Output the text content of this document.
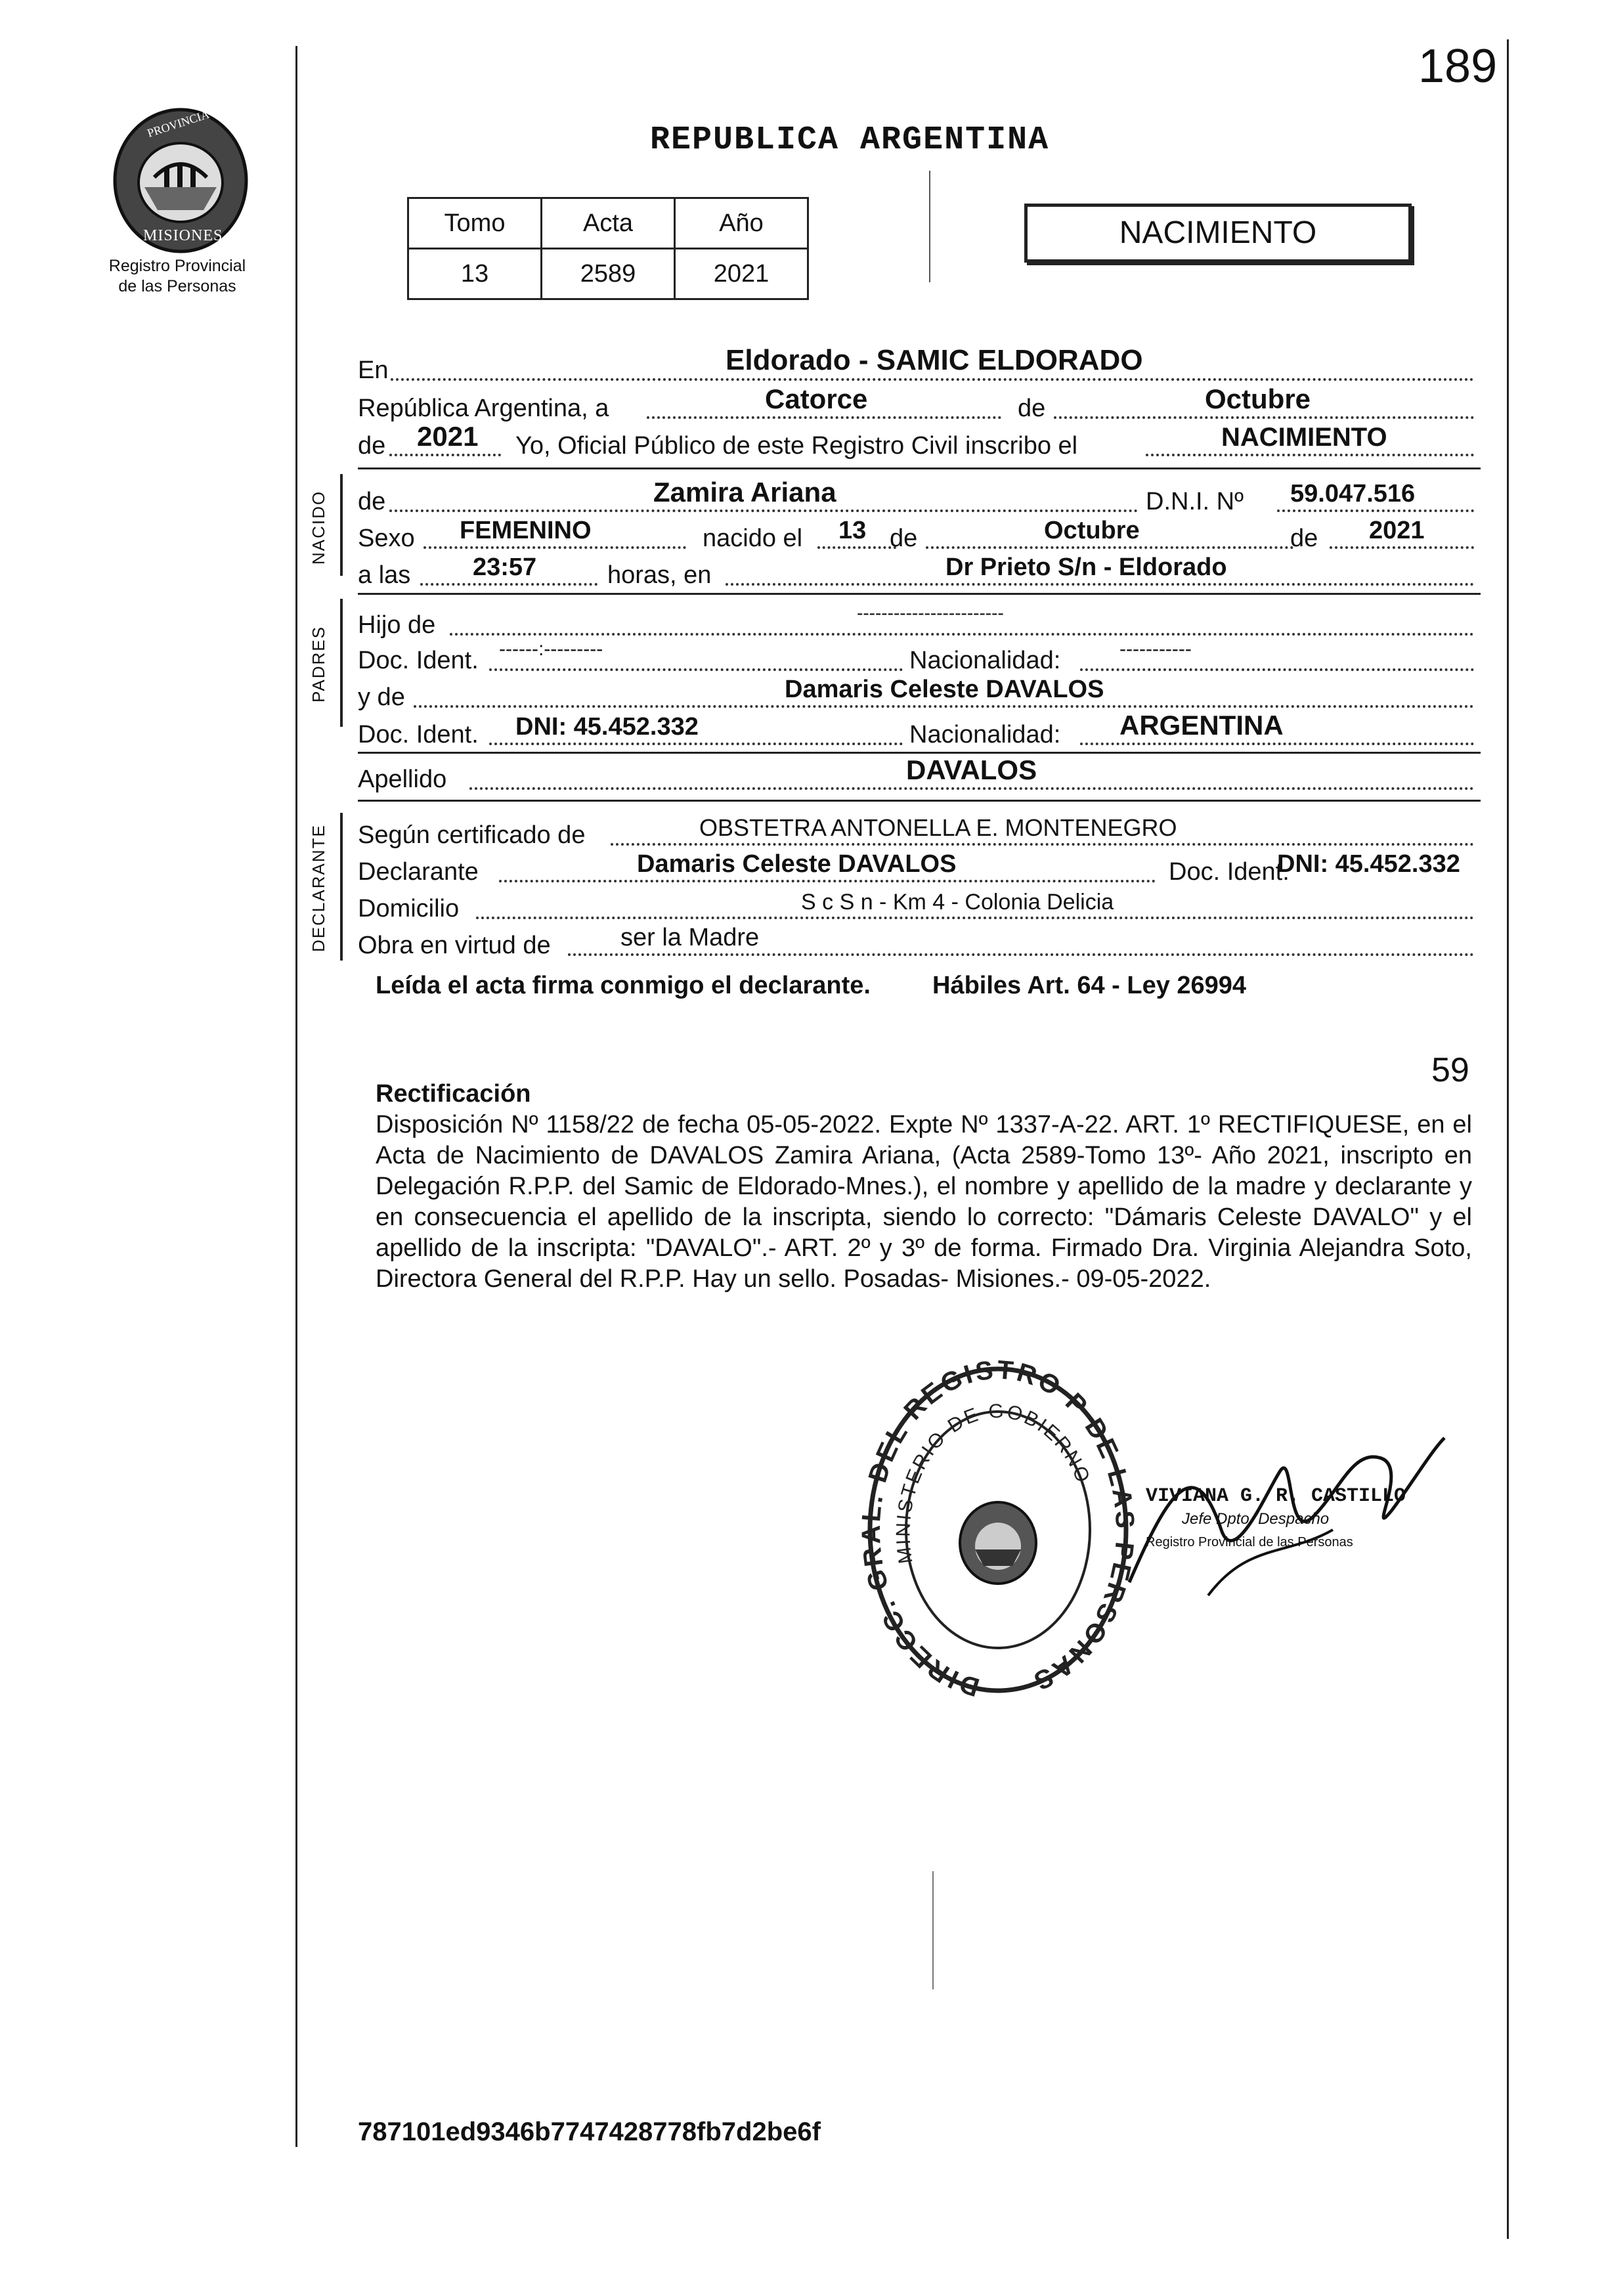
189
PROVINCIA DE
MISIONES
Registro Provincial
de las Personas
REPUBLICA ARGENTINA
Tomo	Acta	Año
13	2589	2021
NACIMIENTO
En	Eldorado - SAMIC ELDORADO
República Argentina, a	Catorce	de	Octubre
de 2021 Yo, Oficial Público de este Registro Civil inscribo el	NACIMIENTO
NACIDO de	Zamira Ariana	D.N.I. Nº 59.047.516
Sexo FEMENINO	nacido el 13 de	Octubre	de 2021
a las 23:57	horas, en	Dr Prieto S/n - Eldorado
PADRES
Hijo de	------------------------
Doc. Ident. ------:---------	Nacionalidad:	-----------
y de	Damaris Celeste DAVALOS
Doc. Ident. DNI: 45.452.332	Nacionalidad: ARGENTINA
Apellido	DAVALOS
DECLARANTE Según certificado de	OBSTETRA ANTONELLA E. MONTENEGRO
Declarante	Damaris Celeste DAVALOS	Doc. Ident.
DNI: 45.452.332
Domicilio	S c S n - Km 4 - Colonia Delicia
Obra en virtud de	ser la Madre
Leída el acta firma conmigo el declarante. Hábiles Art. 64 - Ley 26994
59
Rectificación
Disposición Nº 1158/22 de fecha 05-05-2022. Expte Nº 1337-A-22. ART. 1º RECTIFIQUESE, en el Acta de Nacimiento de DAVALOS Zamira Ariana, (Acta 2589-Tomo 13º- Año 2021, inscripto en Delegación R.P.P. del Samic de Eldorado-Mnes.), el nombre y apellido de la madre y declarante y en consecuencia el apellido de la inscripta, siendo lo correcto: "Dámaris Celeste DAVALO" y el apellido de la inscripta: "DAVALO".- ART. 2º y 3º de forma. Firmado Dra. Virginia Alejandra Soto, Directora General del R.P.P. Hay un sello. Posadas- Misiones.- 09-05-2022.
DIRECC. GR . DEL REGISTRO P DE LA PERSONAS
MINISTERIO DE GOBIERNO
VIVIANA G. R. CASTILLO
Jefe Dpto. Despacho
Registro Provincial de las Personas
787101ed9346b7747428778fb7d2be6f
